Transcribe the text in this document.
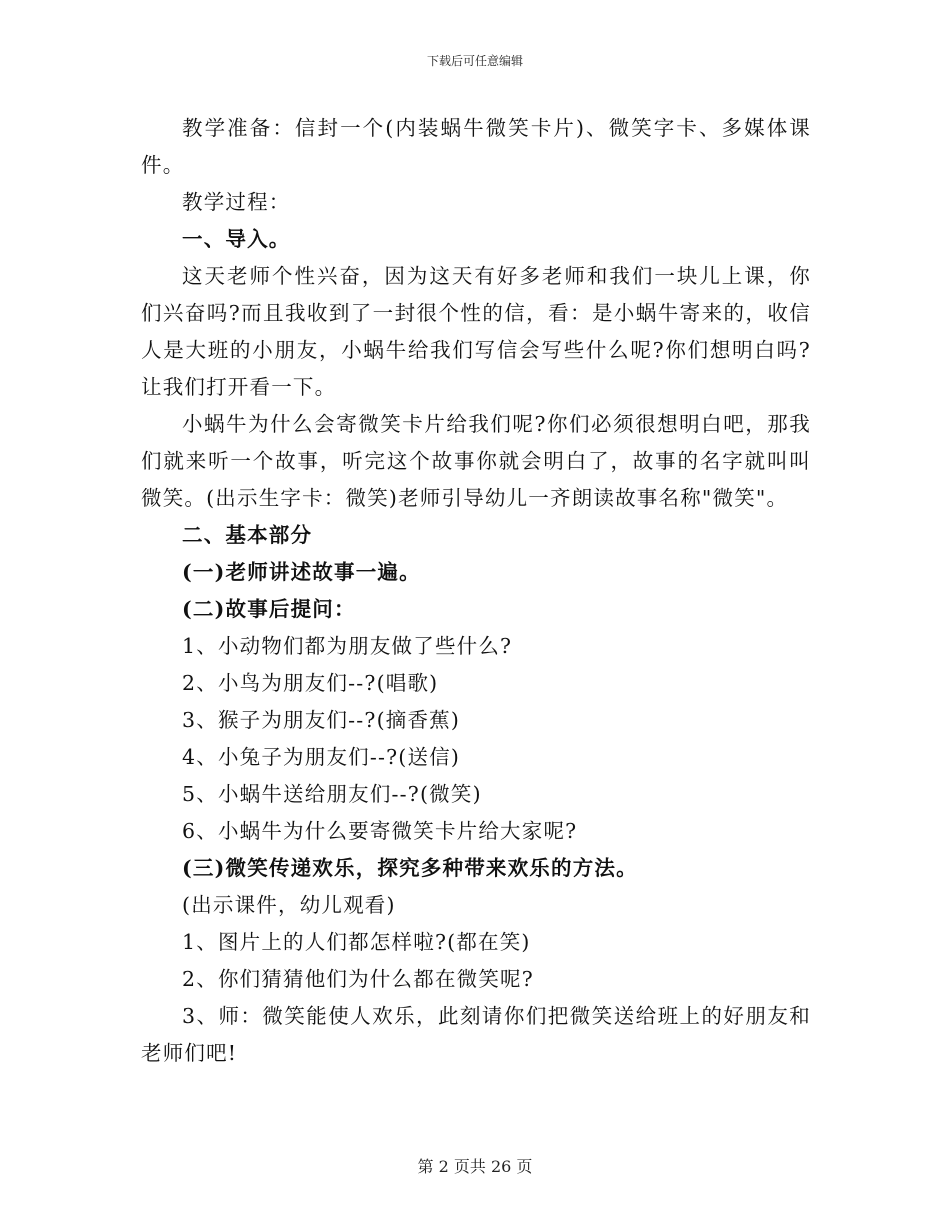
下载后可任意编辑

教学准备：信封一个(内装蜗牛微笑卡片)、微笑字卡、多媒体课件。

教学过程：

一、导入。

这天老师个性兴奋，因为这天有好多老师和我们一块儿上课，你们兴奋吗?而且我收到了一封很个性的信，看：是小蜗牛寄来的，收信人是大班的小朋友，小蜗牛给我们写信会写些什么呢?你们想明白吗?让我们打开看一下。

小蜗牛为什么会寄微笑卡片给我们呢?你们必须很想明白吧，那我们就来听一个故事，听完这个故事你就会明白了，故事的名字就叫叫微笑。(出示生字卡：微笑)老师引导幼儿一齐朗读故事名称"微笑"。

二、基本部分

(一)老师讲述故事一遍。

(二)故事后提问：

1、小动物们都为朋友做了些什么?

2、小鸟为朋友们--?(唱歌)

3、猴子为朋友们--?(摘香蕉)

4、小兔子为朋友们--?(送信)

5、小蜗牛送给朋友们--?(微笑)

6、小蜗牛为什么要寄微笑卡片给大家呢?

(三)微笑传递欢乐，探究多种带来欢乐的方法。

(出示课件，幼儿观看)

1、图片上的人们都怎样啦?(都在笑)

2、你们猜猜他们为什么都在微笑呢?

3、师：微笑能使人欢乐，此刻请你们把微笑送给班上的好朋友和老师们吧!

第 2 页共 26 页
